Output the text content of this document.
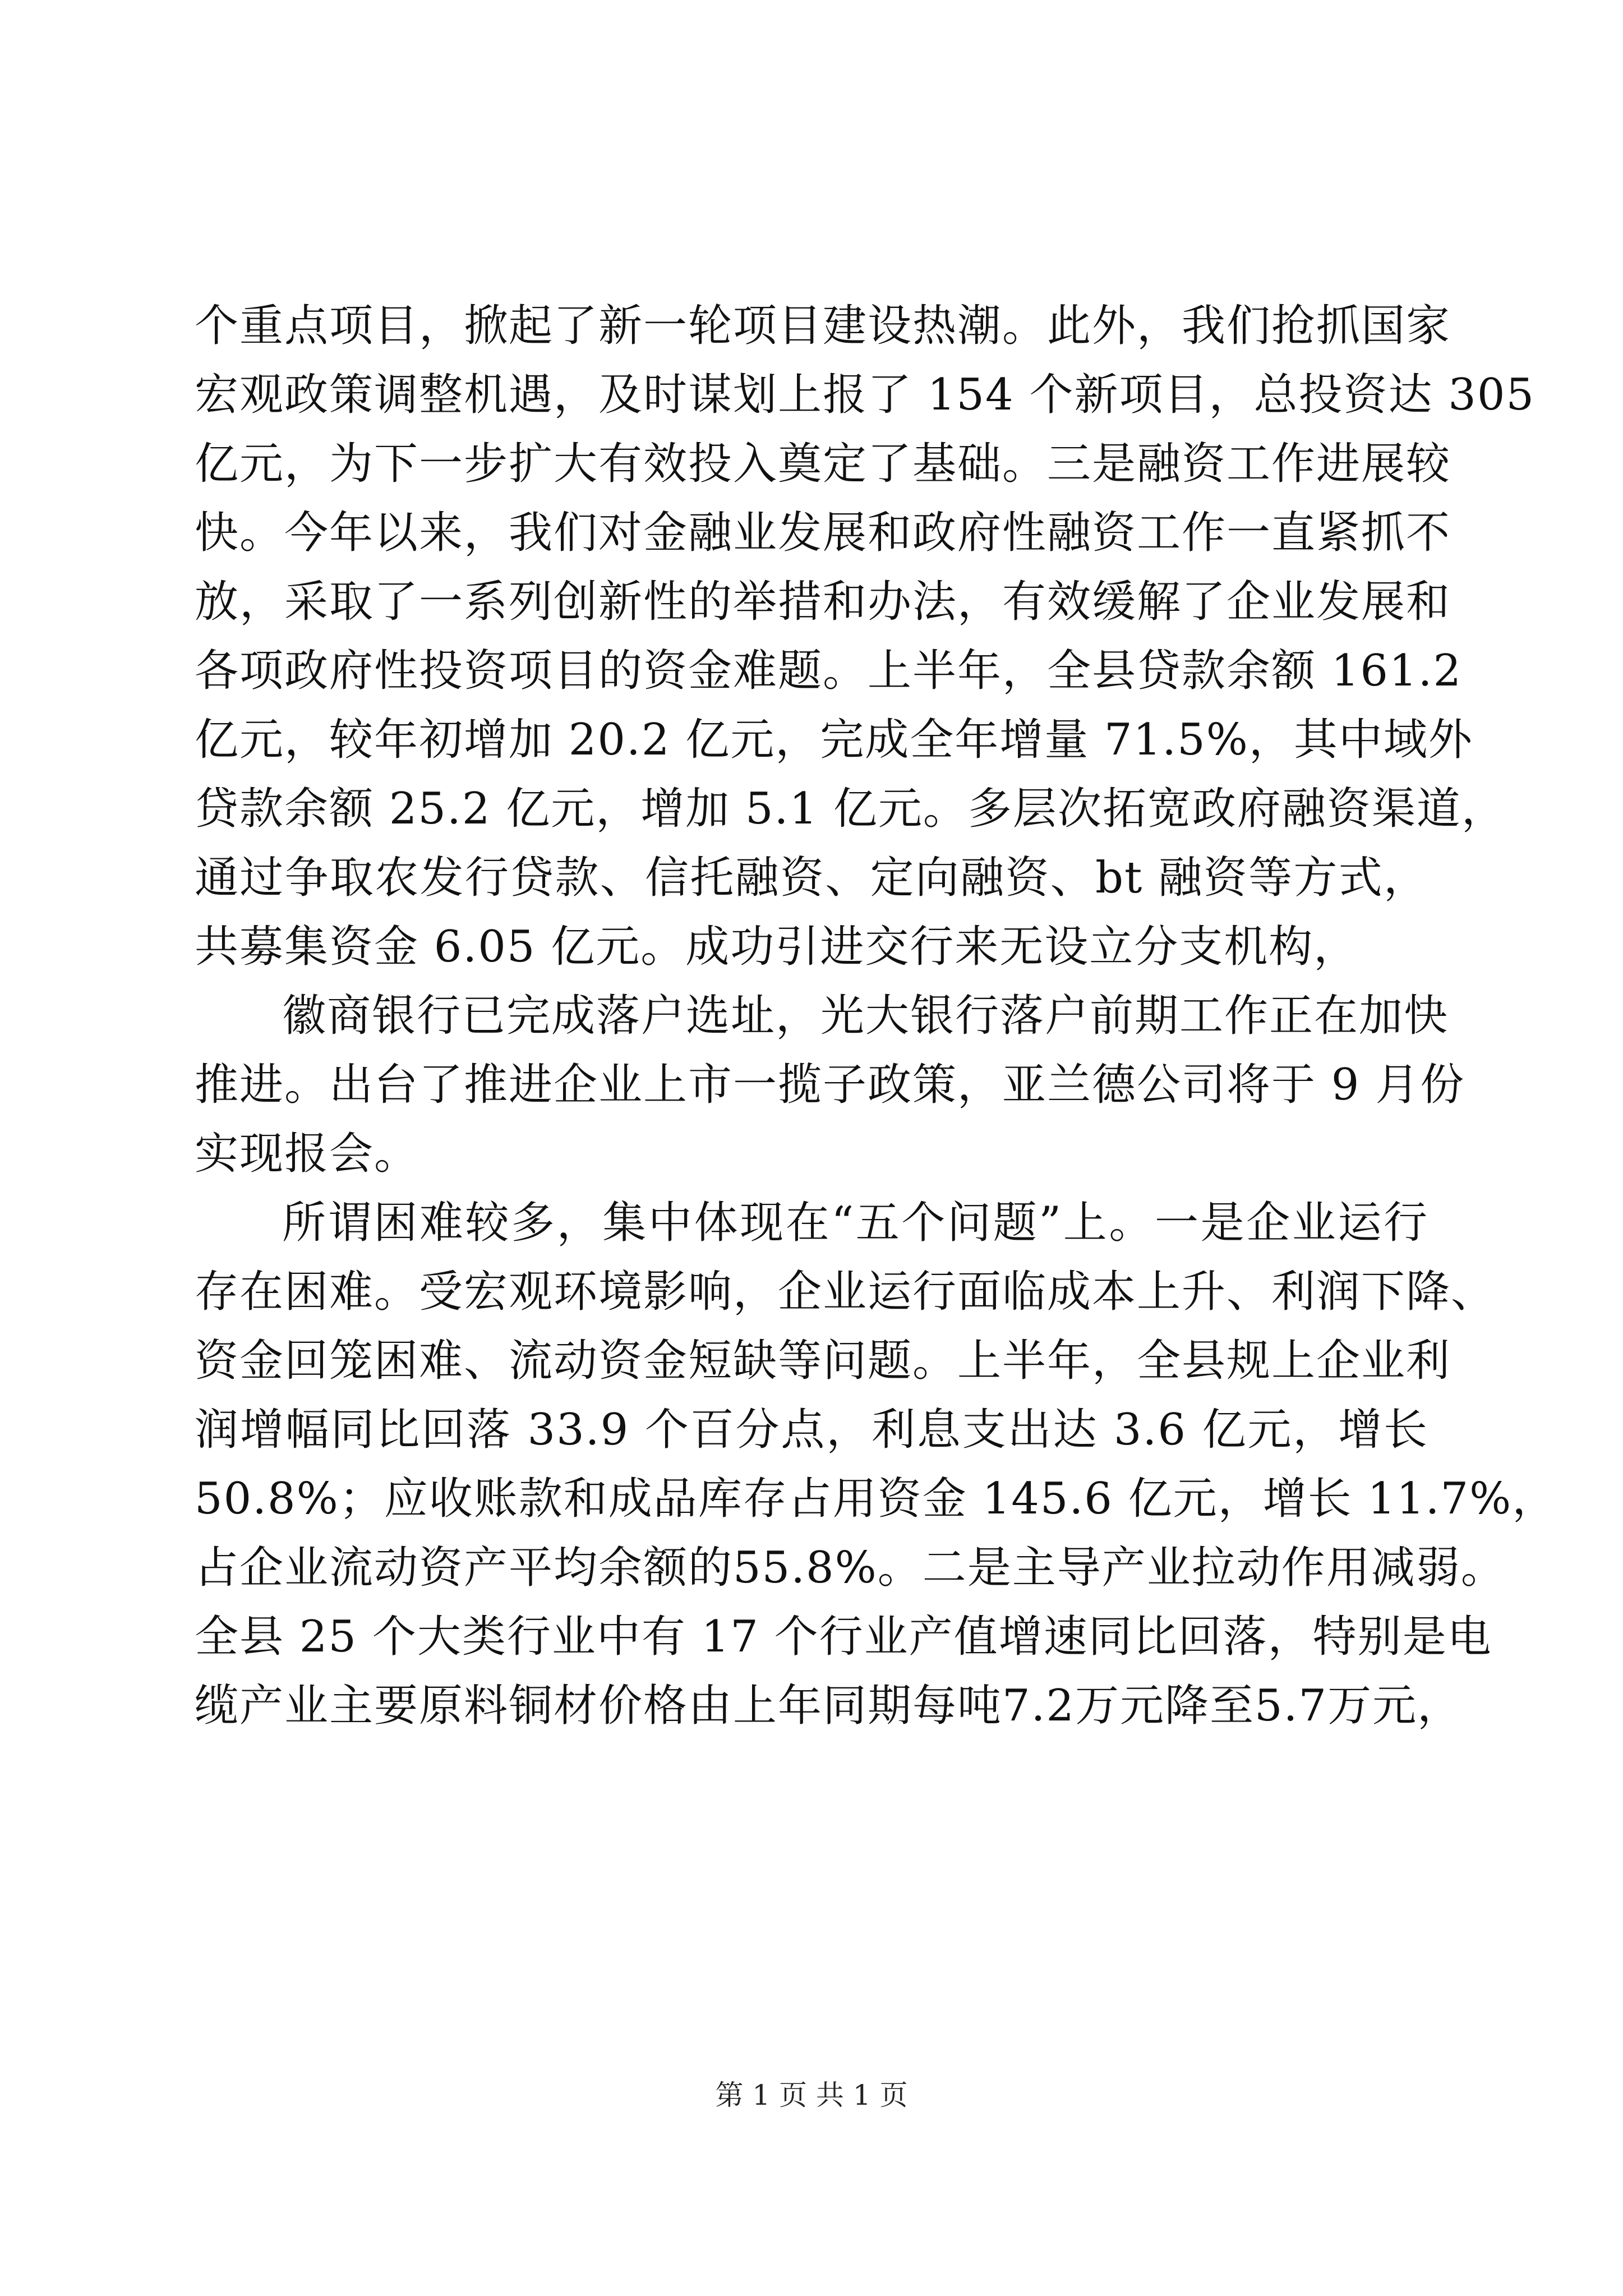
个重点项目，掀起了新一轮项目建设热潮。此外，我们抢抓国家
宏观政策调整机遇，及时谋划上报了 154 个新项目，总投资达 305
亿元，为下一步扩大有效投入奠定了基础。三是融资工作进展较
快。今年以来，我们对金融业发展和政府性融资工作一直紧抓不
放，采取了一系列创新性的举措和办法，有效缓解了企业发展和
各项政府性投资项目的资金难题。上半年，全县贷款余额 161.2
亿元，较年初增加 20.2 亿元，完成全年增量 71.5%，其中域外
贷款余额 25.2 亿元，增加 5.1 亿元。多层次拓宽政府融资渠道，
通过争取农发行贷款、信托融资、定向融资、bt 融资等方式，
共募集资金 6.05 亿元。成功引进交行来无设立分支机构，
徽商银行已完成落户选址，光大银行落户前期工作正在加快
推进。出台了推进企业上市一揽子政策，亚兰德公司将于 9 月份
实现报会。
所谓困难较多，集中体现在“五个问题”上。一是企业运行
存在困难。受宏观环境影响，企业运行面临成本上升、利润下降、
资金回笼困难、流动资金短缺等问题。上半年，全县规上企业利
润增幅同比回落 33.9 个百分点，利息支出达 3.6 亿元，增长
50.8%；应收账款和成品库存占用资金 145.6 亿元，增长 11.7%，
占企业流动资产平均余额的55.8%。二是主导产业拉动作用减弱。
全县 25 个大类行业中有 17 个行业产值增速同比回落，特别是电
缆产业主要原料铜材价格由上年同期每吨7.2万元降至5.7万元，
第 1 页 共 1 页
